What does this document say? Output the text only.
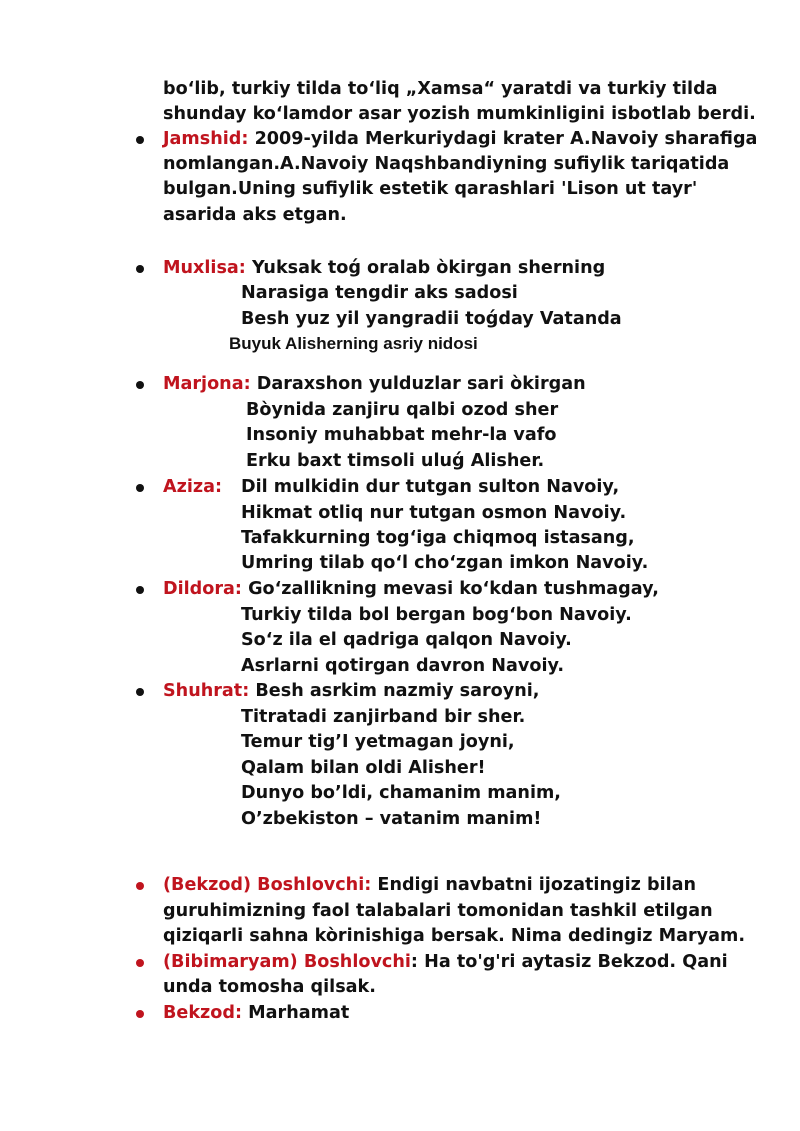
bo‘lib, turkiy tilda to‘liq „Xamsa“ yaratdi va turkiy tilda
shunday ko‘lamdor asar yozish mumkinligini isbotlab berdi.
Jamshid: 2009-yilda Merkuriydagi krater A.Navoiy sharafiga
nomlangan.A.Navoiy Naqshbandiyning sufiylik tariqatida
bulgan.Uning sufiylik estetik qarashlari 'Lison ut tayr'
asarida aks etgan.
Muxlisa: Yuksak toǵ oralab òkirgan sherning
Narasiga tengdir aks sadosi
Besh yuz yil yangradii toǵday Vatanda
Buyuk Alisherning asriy nidosi
Marjona: Daraxshon yulduzlar sari òkirgan
Bòynida zanjiru qalbi ozod sher
Insoniy muhabbat mehr-la vafo
Erku baxt timsoli uluǵ Alisher.
Aziza: Dil mulkidin dur tutgan sulton Navoiy,
Hikmat otliq nur tutgan osmon Navoiy.
Tafakkurning tog‘iga chiqmoq istasang,
Umring tilab qo‘l cho‘zgan imkon Navoiy.
Dildora: Go‘zallikning mevasi ko‘kdan tushmagay,
Turkiy tilda bol bergan bog‘bon Navoiy.
So‘z ila el qadriga qalqon Navoiy.
Asrlarni qotirgan davron Navoiy.
Shuhrat: Besh asrkim nazmiy saroyni,
Titratadi zanjirband bir sher.
Temur tig’I yetmagan joyni,
Qalam bilan oldi Alisher!
Dunyo bo’ldi, chamanim manim,
O’zbekiston – vatanim manim!
(Bekzod) Boshlovchi: Endigi navbatni ijozatingiz bilan
guruhimizning faol talabalari tomonidan tashkil etilgan
qiziqarli sahna kòrinishiga bersak. Nima dedingiz Maryam.
(Bibimaryam) Boshlovchi: Ha to'g'ri aytasiz Bekzod. Qani
unda tomosha qilsak.
Bekzod: Marhamat
